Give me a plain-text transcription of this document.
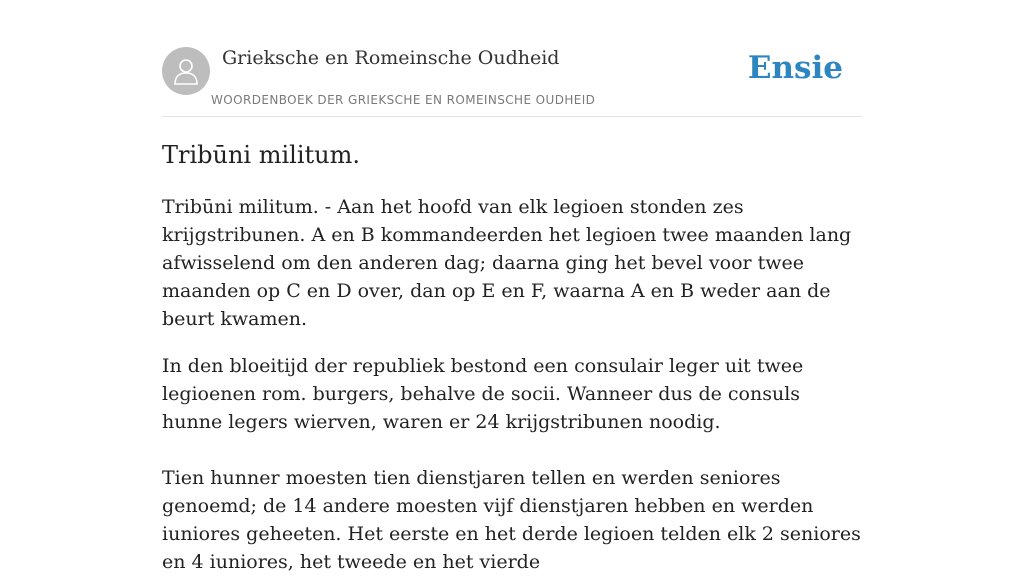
Grieksche en Romeinsche Oudheid
WOORDENBOEK DER GRIEKSCHE EN ROMEINSCHE OUDHEID
Ensie
Tribūni militum.

Tribūni militum. - Aan het hoofd van elk legioen stonden zes krijgstribunen. A en B kommandeerden het legioen twee maanden lang afwisselend om den anderen dag; daarna ging het bevel voor twee maanden op C en D over, dan op E en F, waarna A en B weder aan de beurt kwamen.

In den bloeitijd der republiek bestond een consulair leger uit twee legioenen rom. burgers, behalve de socii. Wanneer dus de consuls hunne legers wierven, waren er 24 krijgstribunen noodig.

Tien hunner moesten tien dienstjaren tellen en werden seniores genoemd; de 14 andere moesten vijf dienstjaren hebben en werden iuniores geheeten. Het eerste en het derde legioen telden elk 2 seniores en 4 iuniores, het tweede en het vierde
